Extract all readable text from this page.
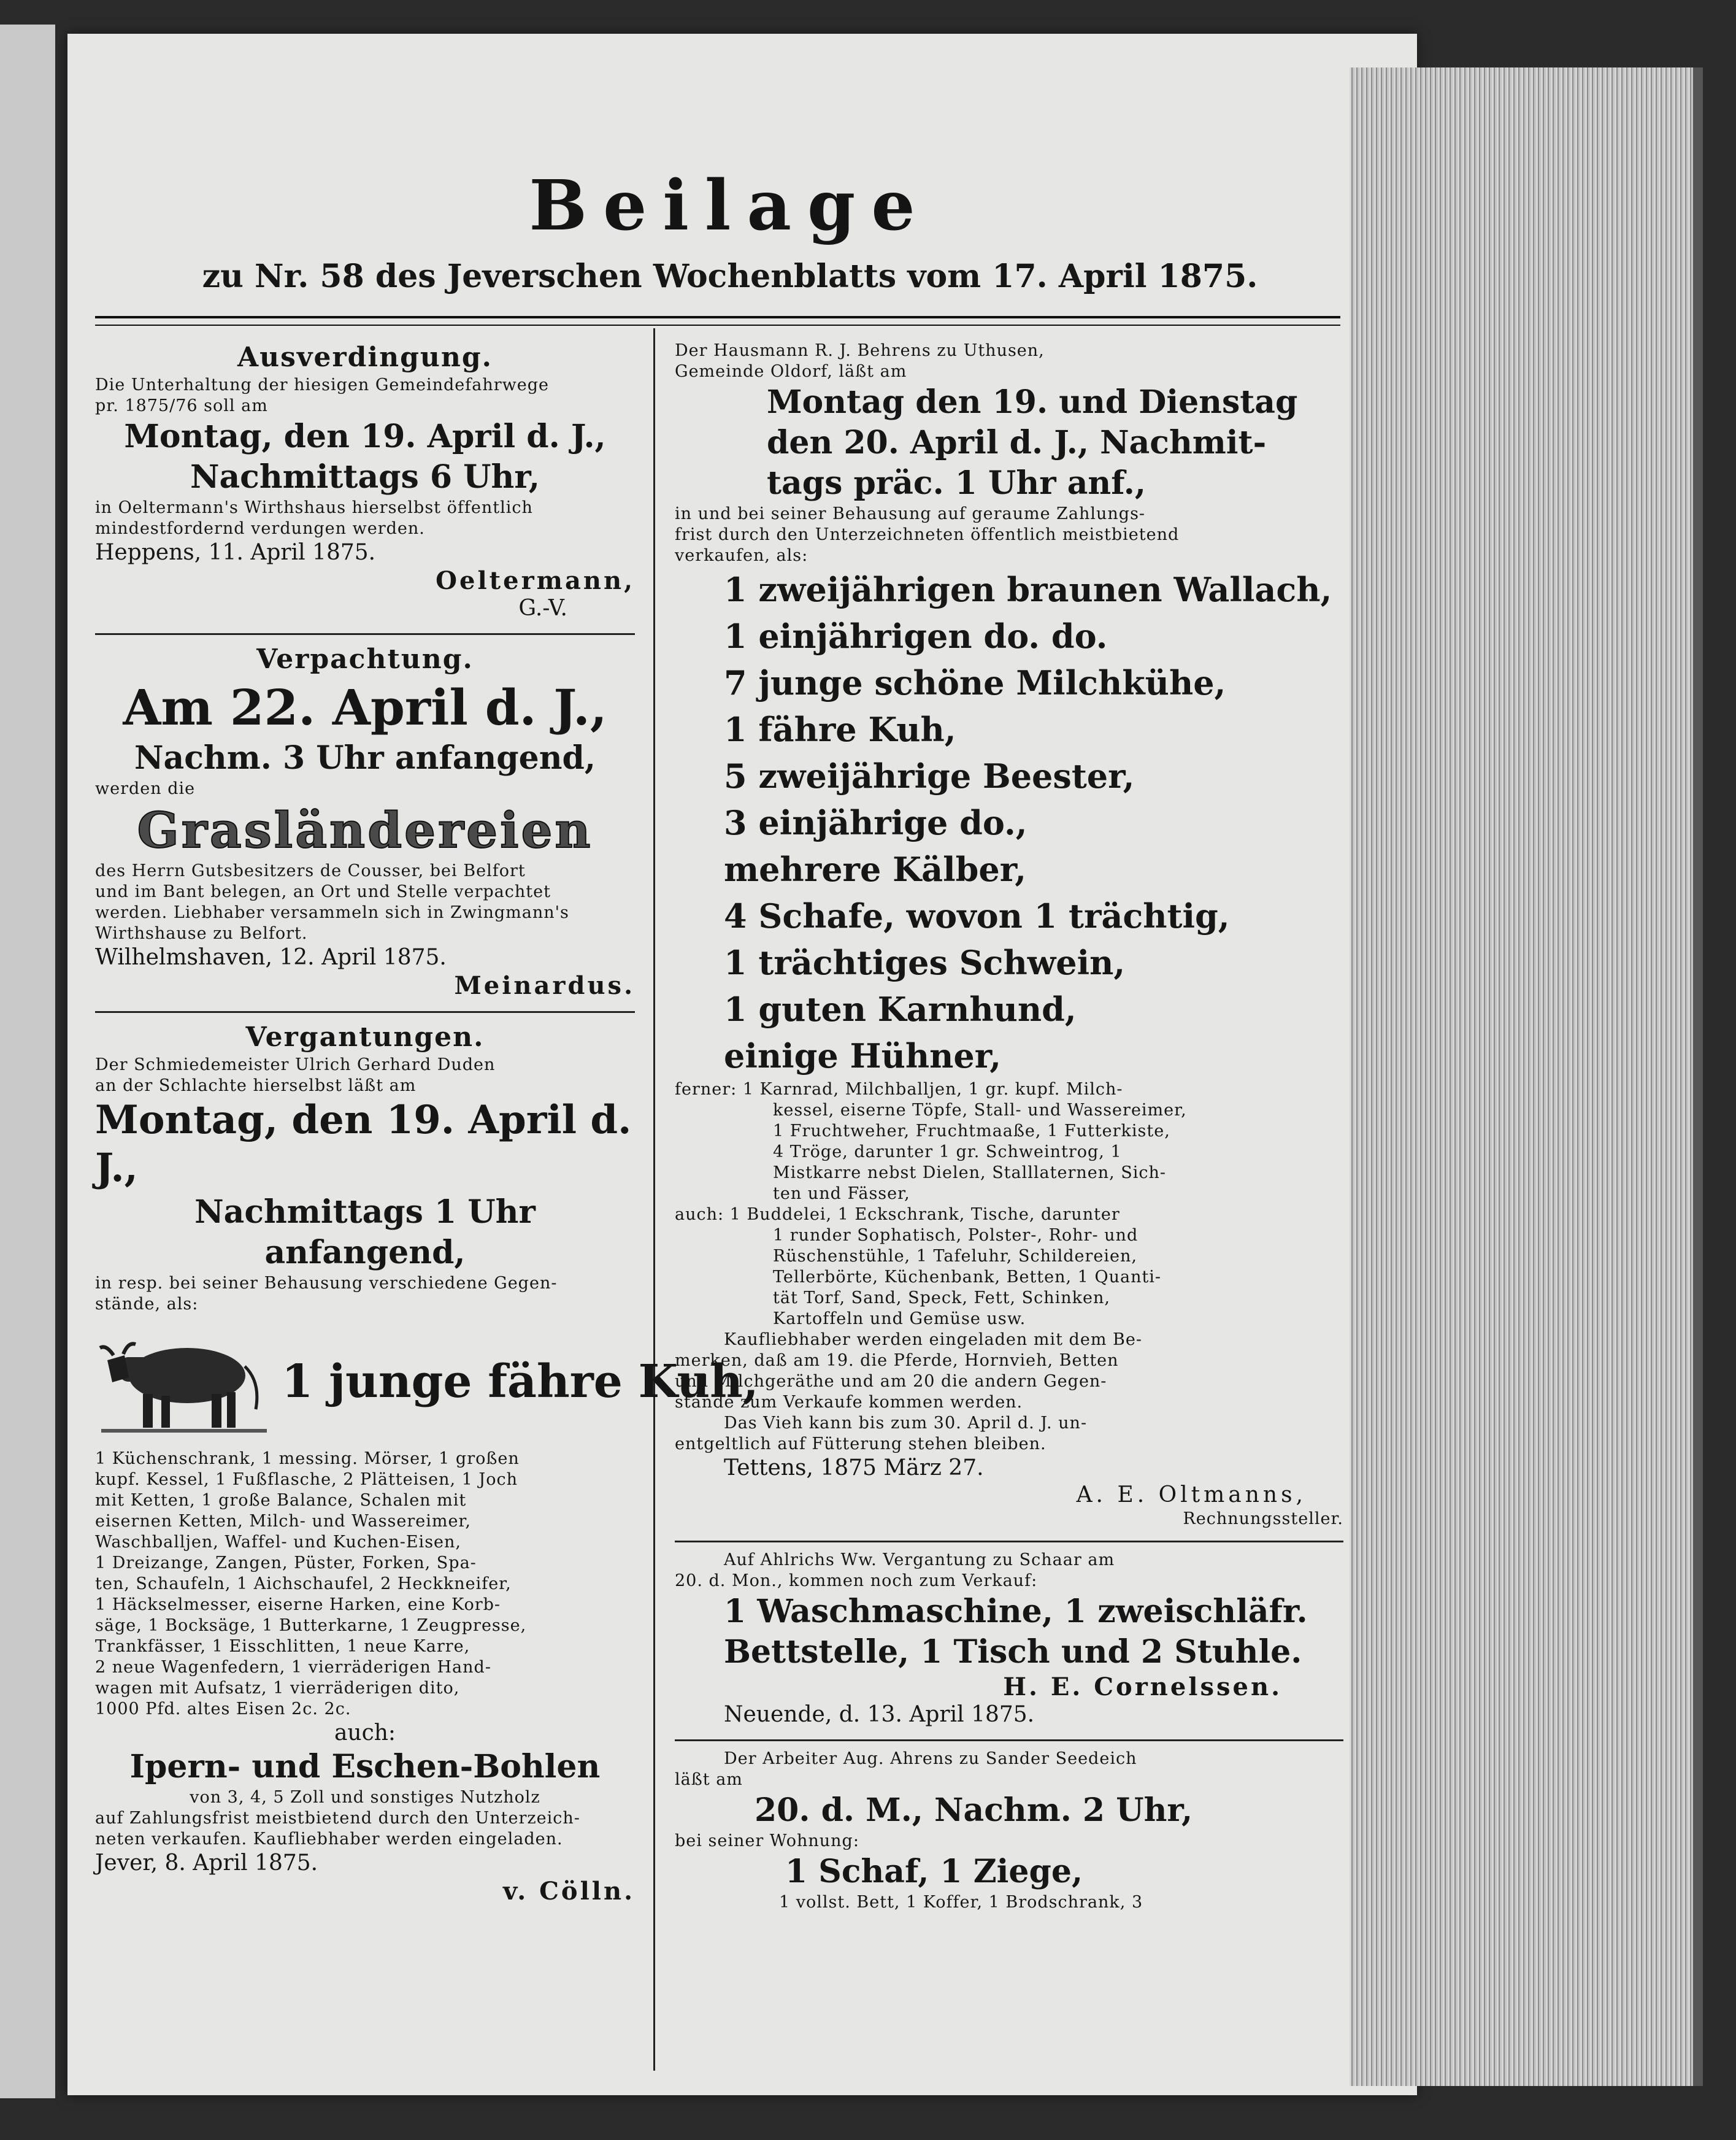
Beilage
zu Nr. 58 des Jeverschen Wochenblatts vom 17. April 1875.

Ausverdingung.

Die Unterhaltung der hiesigen Gemeindefahrwege

pr. 1875/76 soll am

Montag, den 19. April d. J.,

Nachmittags 6 Uhr,

in Oeltermann's Wirthshaus hierselbst öffentlich

mindestfordernd verdungen werden.

Heppens, 11. April 1875.

Oeltermann,

G.-V.

Verpachtung.

Am 22. April d. J.,

Nachm. 3 Uhr anfangend,

werden die

Grasländereien

des Herrn Gutsbesitzers de Cousser, bei Belfort

und im Bant belegen, an Ort und Stelle verpachtet

werden. Liebhaber versammeln sich in Zwingmann's

Wirthshause zu Belfort.

Wilhelmshaven, 12. April 1875.

Meinardus.

Vergantungen.

Der Schmiedemeister Ulrich Gerhard Duden

an der Schlachte hierselbst läßt am

Montag, den 19. April d. J.,

Nachmittags 1 Uhr anfangend,

in resp. bei seiner Behausung verschiedene Gegen-

stände, als:

1 junge fähre Kuh,

1 Küchenschrank, 1 messing. Mörser, 1 großen

kupf. Kessel, 1 Fußflasche, 2 Plätteisen, 1 Joch

mit Ketten, 1 große Balance, Schalen mit

eisernen Ketten, Milch- und Wassereimer,

Waschballjen, Waffel- und Kuchen-Eisen,

1 Dreizange, Zangen, Püster, Forken, Spa-

ten, Schaufeln, 1 Aichschaufel, 2 Heckkneifer,

1 Häckselmesser, eiserne Harken, eine Korb-

säge, 1 Bocksäge, 1 Butterkarne, 1 Zeugpresse,

Trankfässer, 1 Eisschlitten, 1 neue Karre,

2 neue Wagenfedern, 1 vierräderigen Hand-

wagen mit Aufsatz, 1 vierräderigen dito,

1000 Pfd. altes Eisen 2c. 2c.

auch:

Ipern- und Eschen-Bohlen

von 3, 4, 5 Zoll und sonstiges Nutzholz

auf Zahlungsfrist meistbietend durch den Unterzeich-

neten verkaufen. Kaufliebhaber werden eingeladen.

Jever, 8. April 1875.

v. Cölln.

Der Hausmann R. J. Behrens zu Uthusen,

Gemeinde Oldorf, läßt am

Montag den 19. und Dienstag

den 20. April d. J., Nachmit-

tags präc. 1 Uhr anf.,

in und bei seiner Behausung auf geraume Zahlungs-

frist durch den Unterzeichneten öffentlich meistbietend

verkaufen, als:

1 zweijährigen braunen Wallach,

1 einjährigen do. do.

7 junge schöne Milchkühe,

1 fähre Kuh,

5 zweijährige Beester,

3 einjährige do.,

mehrere Kälber,

4 Schafe, wovon 1 trächtig,

1 trächtiges Schwein,

1 guten Karnhund,

einige Hühner,

ferner: 1 Karnrad, Milchballjen, 1 gr. kupf. Milch-

kessel, eiserne Töpfe, Stall- und Wassereimer,

1 Fruchtweher, Fruchtmaaße, 1 Futterkiste,

4 Tröge, darunter 1 gr. Schweintrog, 1

Mistkarre nebst Dielen, Stalllaternen, Sich-

ten und Fässer,

auch: 1 Buddelei, 1 Eckschrank, Tische, darunter

1 runder Sophatisch, Polster-, Rohr- und

Rüschenstühle, 1 Tafeluhr, Schildereien,

Tellerbörte, Küchenbank, Betten, 1 Quanti-

tät Torf, Sand, Speck, Fett, Schinken,

Kartoffeln und Gemüse usw.

Kaufliebhaber werden eingeladen mit dem Be-

merken, daß am 19. die Pferde, Hornvieh, Betten

und Milchgeräthe und am 20 die andern Gegen-

stände zum Verkaufe kommen werden.

Das Vieh kann bis zum 30. April d. J. un-

entgeltlich auf Fütterung stehen bleiben.

Tettens, 1875 März 27.

A. E. Oltmanns,

Rechnungssteller.

Auf Ahlrichs Ww. Vergantung zu Schaar am

20. d. Mon., kommen noch zum Verkauf:

1 Waschmaschine, 1 zweischläfr.

Bettstelle, 1 Tisch und 2 Stuhle.

H. E. Cornelssen.

Neuende, d. 13. April 1875.

Der Arbeiter Aug. Ahrens zu Sander Seedeich

läßt am

20. d. M., Nachm. 2 Uhr,

bei seiner Wohnung:

1 Schaf, 1 Ziege,

1 vollst. Bett, 1 Koffer, 1 Brodschrank, 3
